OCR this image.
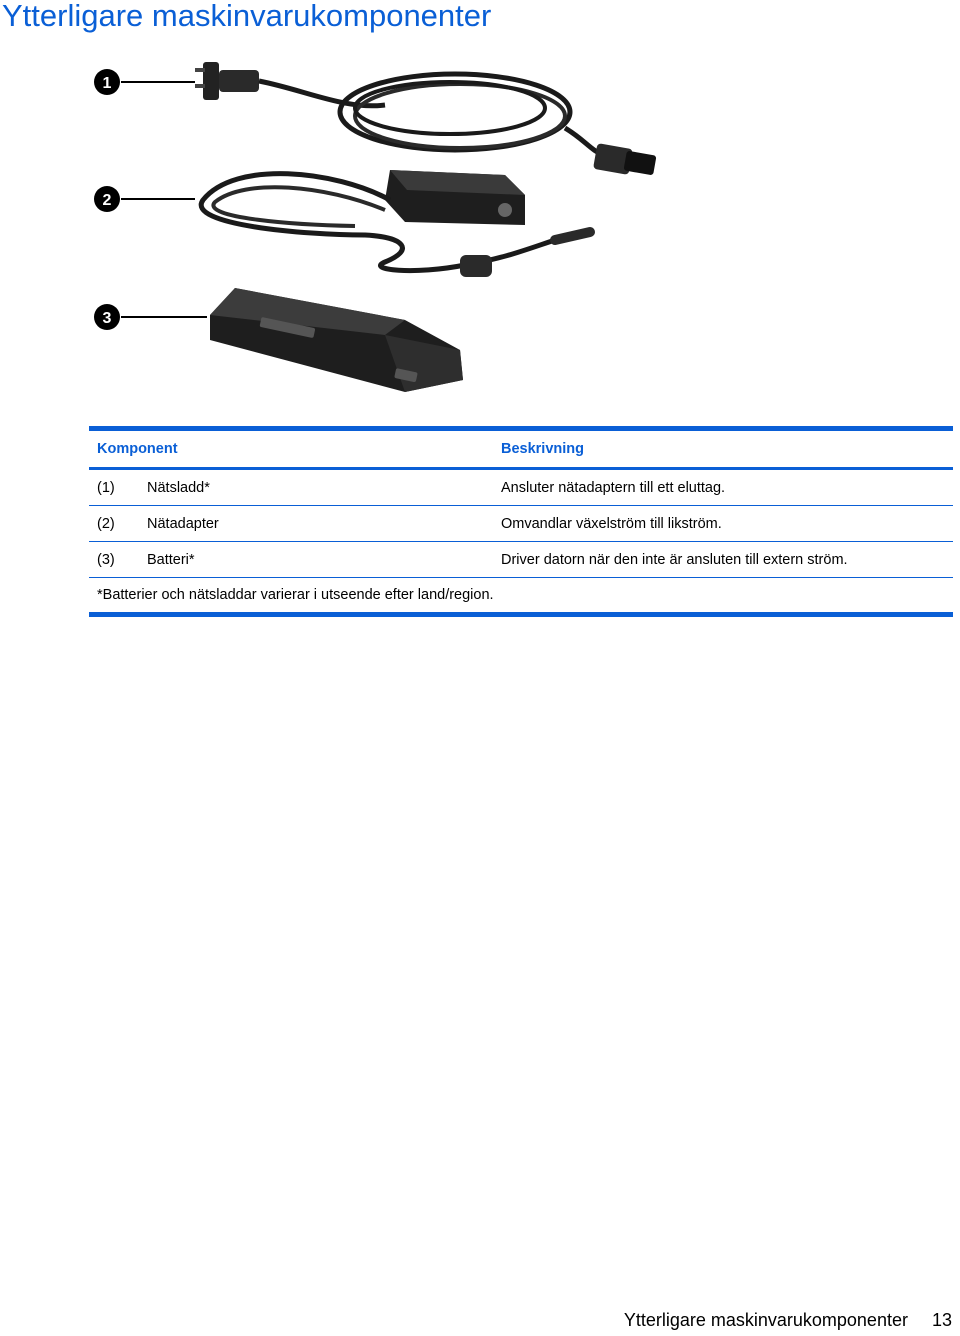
Ytterligare maskinvarukomponenter
1
2
3
Komponent		Beskrivning
(1)	Nätsladd*	Ansluter nätadaptern till ett eluttag.
(2)	Nätadapter	Omvandlar växelström till likström.
(3)	Batteri*	Driver datorn när den inte är ansluten till extern ström.
*Batterier och nätsladdar varierar i utseende efter land/region.		
Ytterligare maskinvarukomponenter 13
